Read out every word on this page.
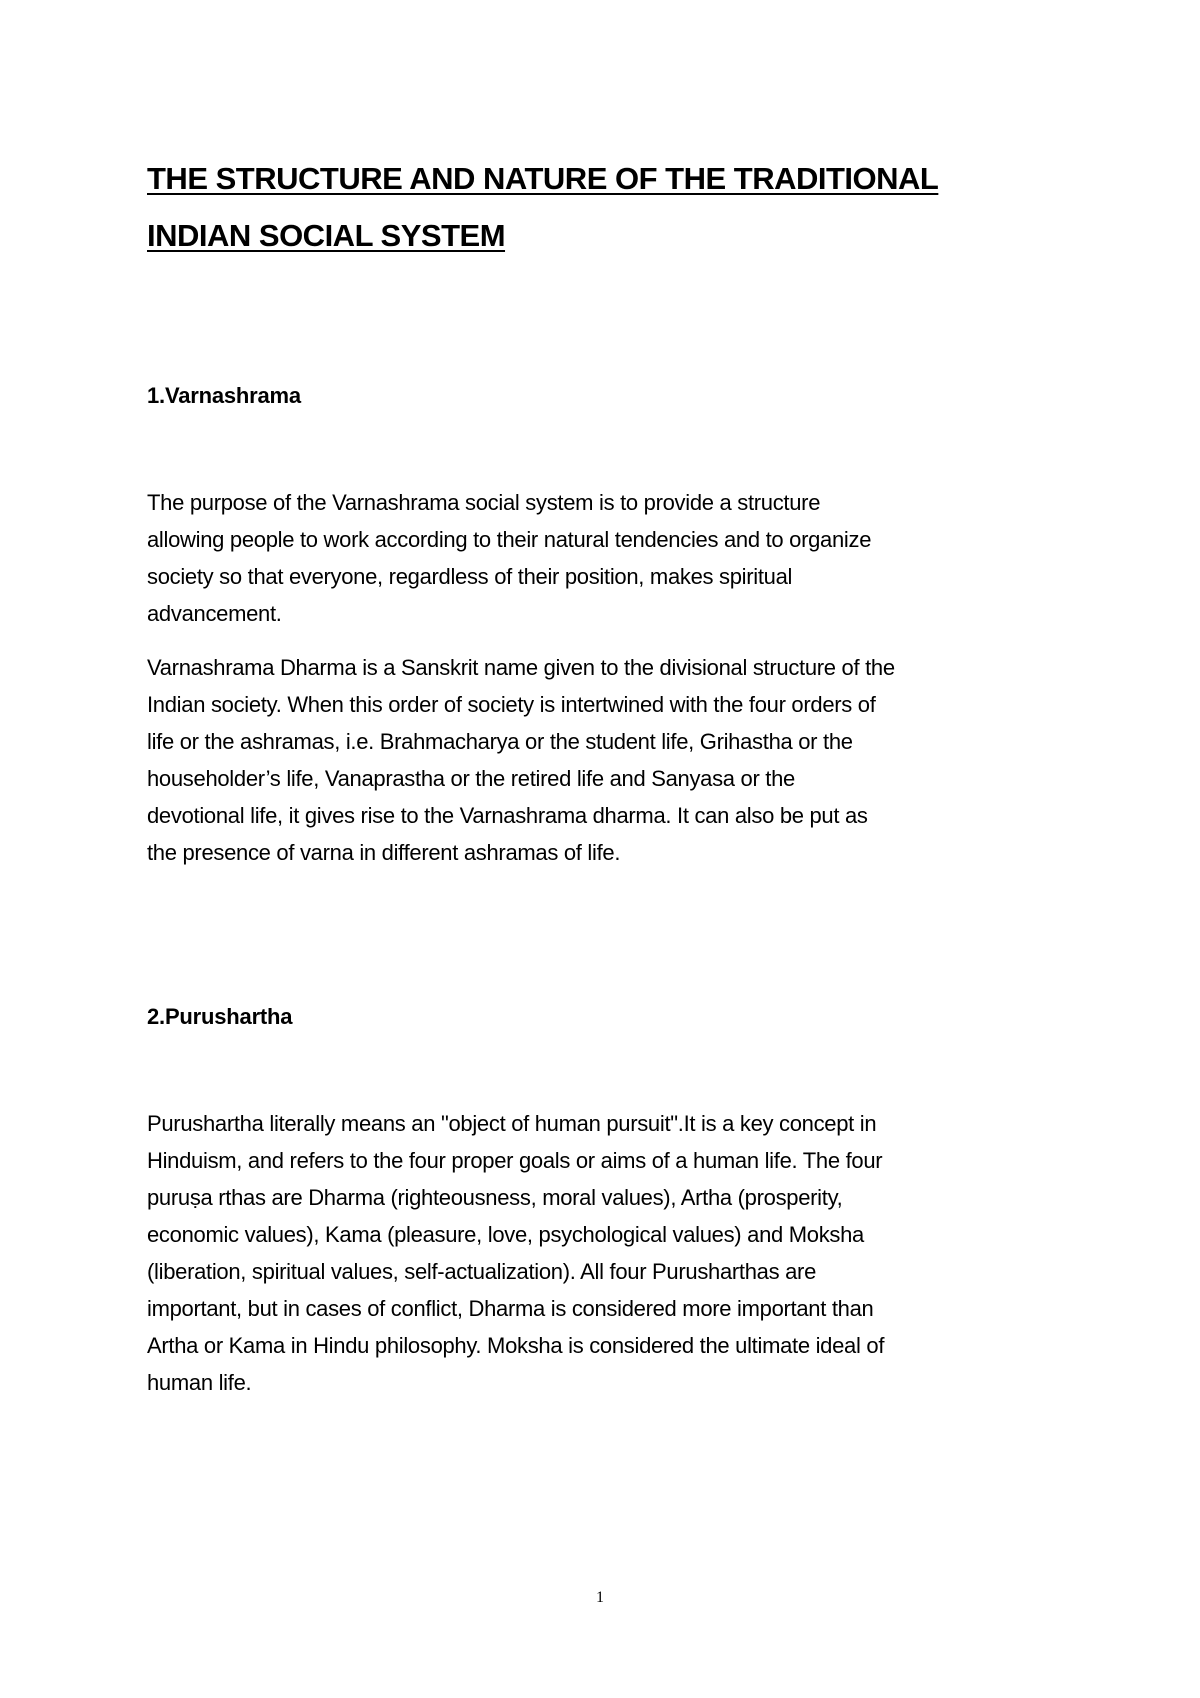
THE STRUCTURE AND NATURE OF THE TRADITIONAL
INDIAN SOCIAL SYSTEM
1.Varnashrama

The purpose of the Varnashrama social system is to provide a structure
allowing people to work according to their natural tendencies and to organize
society so that everyone, regardless of their position, makes spiritual
advancement.

Varnashrama Dharma is a Sanskrit name given to the divisional structure of the
Indian society. When this order of society is intertwined with the four orders of
life or the ashramas, i.e. Brahmacharya or the student life, Grihastha or the
householder’s life, Vanaprastha or the retired life and Sanyasa or the
devotional life, it gives rise to the Varnashrama dharma. It can also be put as
the presence of varna in different ashramas of life.

2.Purushartha

Purushartha literally means an "object of human pursuit".It is a key concept in
Hinduism, and refers to the four proper goals or aims of a human life. The four
puruṣa rthas are Dharma (righteousness, moral values), Artha (prosperity,
economic values), Kama (pleasure, love, psychological values) and Moksha
(liberation, spiritual values, self-actualization). All four Purusharthas are
important, but in cases of conflict, Dharma is considered more important than
Artha or Kama in Hindu philosophy. Moksha is considered the ultimate ideal of
human life.

1
